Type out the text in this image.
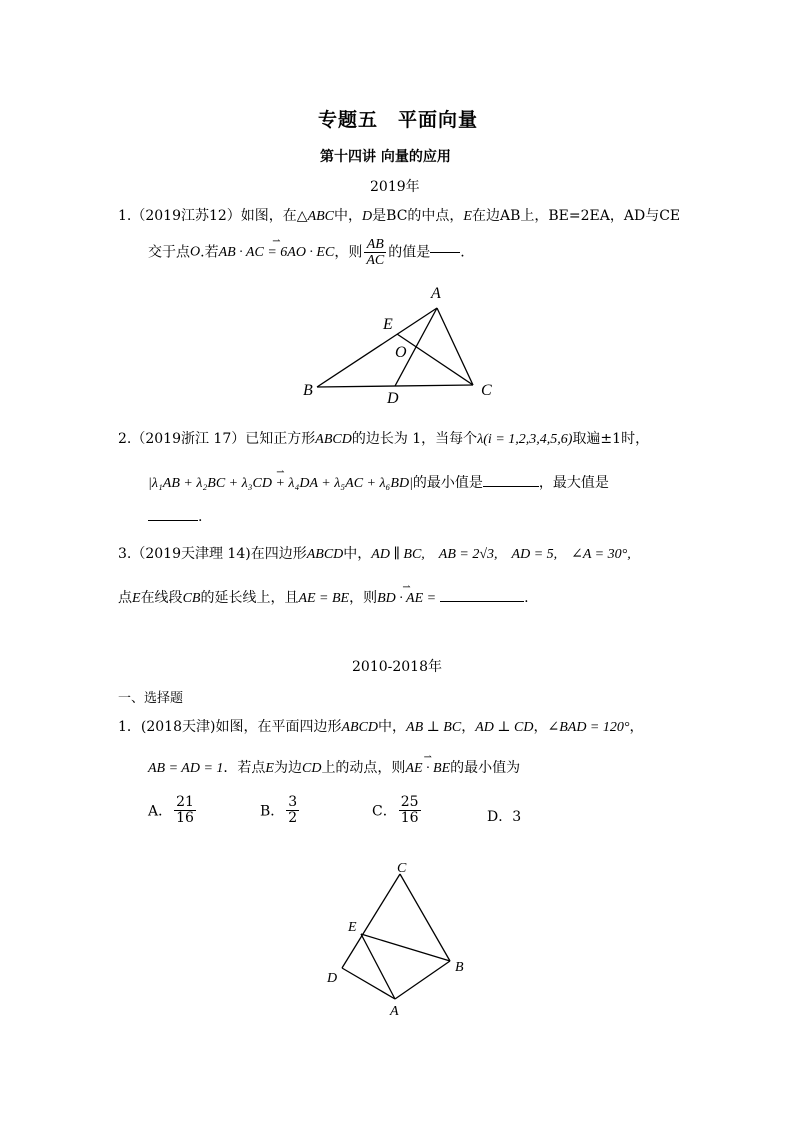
专题五　平面向量
第十四讲 向量的应用
2019年
1.（2019江苏12）如图，在△ABC中，D是BC的中点，E在边AB上，BE=2EA，AD与CE
交于点O.若⇀ AB · AC = 6AO · EC，则 $\frac{AB}{AC}$ 的值是 .
A
B	C
D
E
O
2.（2019浙江 17）已知正方形ABCD的边长为 1，当每个λ(i = 1,2,3,4,5,6)取遍±1时，
⇀ |λ₁AB + λ₂BC + λ₃CD + λ₄DA + λ₅AC + λ₆BD|的最小值是	，最大值是
.
3.（2019天津理 14)在四边形ABCD中，AD ∥ BC,　AB = 2√3,　AD = 5,　∠A = 30°,
点E在线段CB的延长线上，且AE = BE，则⇀ BD · AE =	.
2010-2018年
一、选择题
1．(2018天津)如图，在平面四边形ABCD中，AB ⊥ BC，AD ⊥ CD，∠BAD = 120°，
AB = AD = 1．若点E为边CD上的动点，则⇀ AE · BE的最小值为
A． $\frac{21}{16}$	B． $\frac{3}{2}$	C． $\frac{25}{16}$	D．3
C
E
D
B
A
